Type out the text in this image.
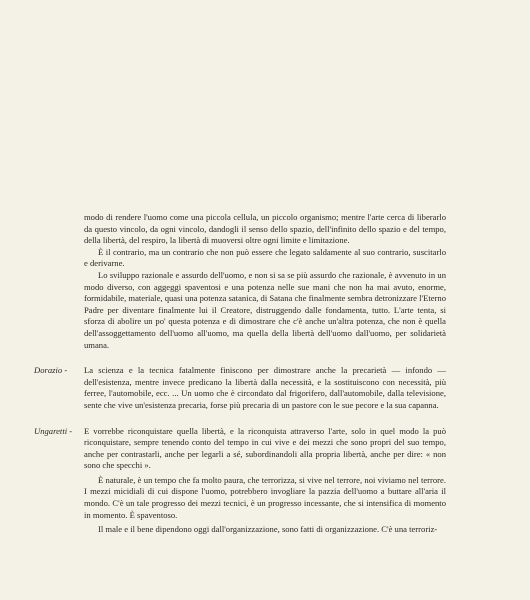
modo di rendere l'uomo come una piccola cellula, un piccolo organismo; mentre l'arte cerca di liberarlo da questo vincolo, da ogni vincolo, dandogli il senso dello spazio, dell'infinito dello spazio e del tempo, della libertà, del respiro, la libertà di muoversi oltre ogni limite e limitazione.

È il contrario, ma un contrario che non può essere che legato saldamente al suo contrario, suscitarlo e derivarne.

Lo sviluppo razionale e assurdo dell'uomo, e non si sa se più assurdo che razionale, è avvenuto in un modo diverso, con aggeggi spaventosi e una potenza nelle sue mani che non ha mai avuto, enorme, formidabile, materiale, quasi una potenza satanica, di Satana che finalmente sembra detronizzare l'Eterno Padre per diventare finalmente lui il Creatore, distruggendo dalle fondamenta, tutto. L'arte tenta, si sforza di abolire un po' questa potenza e di dimostrare che c'è anche un'altra potenza, che non è quella dell'assoggettamento dell'uomo all'uomo, ma quella della libertà dell'uomo dall'uomo, per solidarietà umana.

Dorazio -	La scienza e la tecnica fatalmente finiscono per dimostrare anche la precarietà — infondo — dell'esistenza, mentre invece predicano la libertà dalla necessità, e la sostituiscono con necessità, più ferree, l'automobile, ecc. ... Un uomo che è circondato dal frigorifero, dall'automobile, dalla televisione, sente che vive un'esistenza precaria, forse più precaria di un pastore con le sue pecore e la sua capanna.

Ungaretti -	E vorrebbe riconquistare quella libertà, e la riconquista attraverso l'arte, solo in quel modo la può riconquistare, sempre tenendo conto del tempo in cui vive e dei mezzi che sono propri del suo tempo, anche per contrastarli, anche per legarli a sé, subordinandoli alla propria libertà, anche per dire: « non sono che specchi ».

È naturale, è un tempo che fa molto paura, che terrorizza, si vive nel terrore, noi viviamo nel terrore. I mezzi micidiali di cui dispone l'uomo, potrebbero invogliare la pazzia dell'uomo a buttare all'aria il mondo. C'è un tale progresso dei mezzi tecnici, è un progresso incessante, che si intensifica di momento in momento. È spaventoso.

Il male e il bene dipendono oggi dall'organizzazione, sono fatti di organizzazione. C'è una terroriz-
